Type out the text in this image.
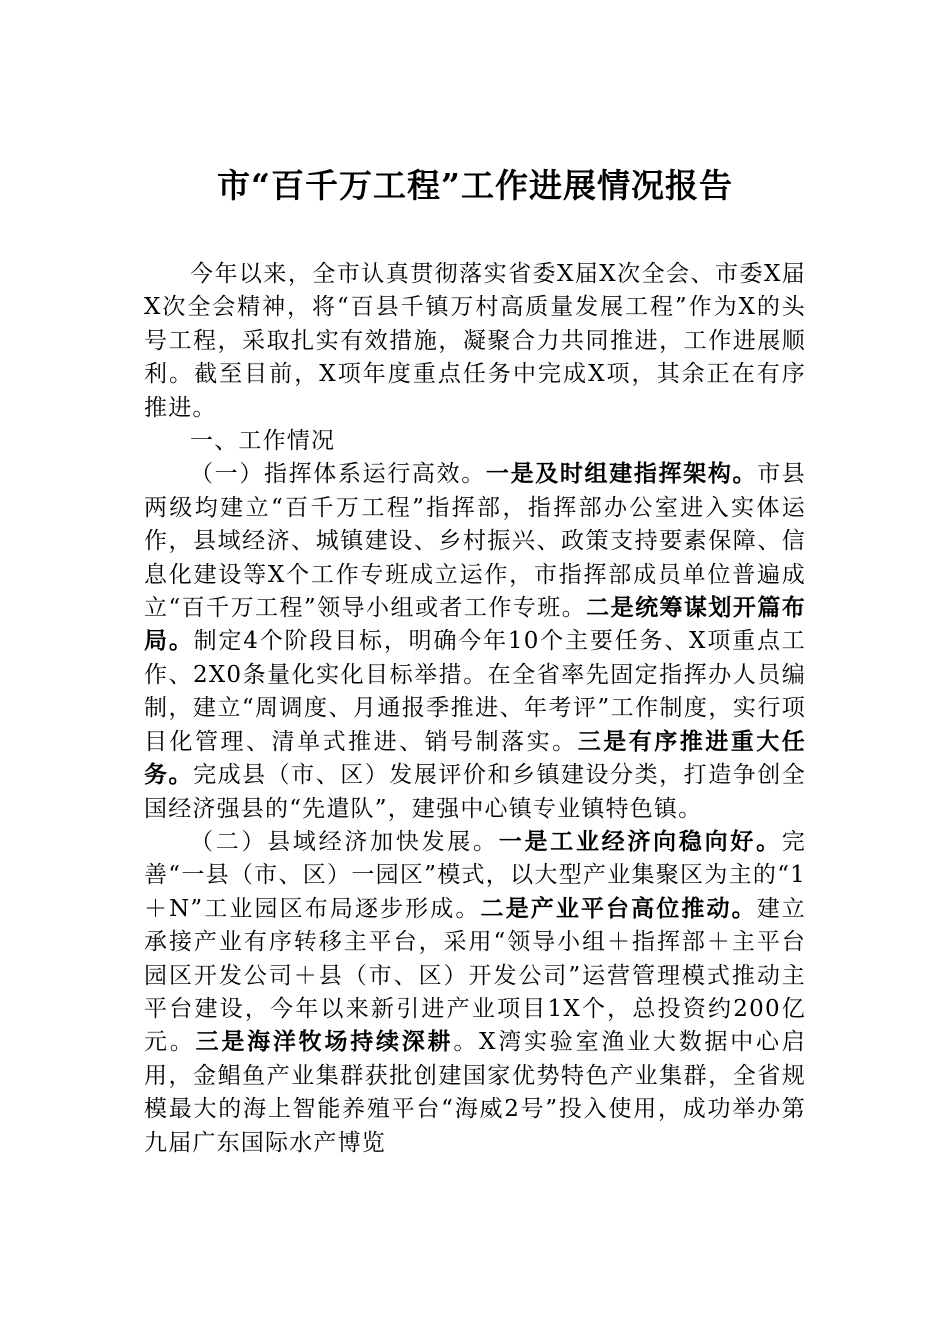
市“百千万工程”工作进展情况报告

今年以来，全市认真贯彻落实省委X届X次全会、市委X届X次全会精神，将“百县千镇万村高质量发展工程”作为X的头号工程，采取扎实有效措施，凝聚合力共同推进，工作进展顺利。截至目前，X项年度重点任务中完成X项，其余正在有序推进。

一、工作情况

（一）指挥体系运行高效。一是及时组建指挥架构。市县两级均建立“百千万工程”指挥部，指挥部办公室进入实体运作，县域经济、城镇建设、乡村振兴、政策支持要素保障、信息化建设等X个工作专班成立运作，市指挥部成员单位普遍成立“百千万工程”领导小组或者工作专班。二是统筹谋划开篇布局。制定4个阶段目标，明确今年10个主要任务、X项重点工作、2X0条量化实化目标举措。在全省率先固定指挥办人员编制，建立“周调度、月通报季推进、年考评”工作制度，实行项目化管理、清单式推进、销号制落实。三是有序推进重大任务。完成县（市、区）发展评价和乡镇建设分类，打造争创全国经济强县的“先遣队”，建强中心镇专业镇特色镇。

（二）县域经济加快发展。一是工业经济向稳向好。完善“一县（市、区）一园区”模式，以大型产业集聚区为主的“1＋N”工业园区布局逐步形成。二是产业平台高位推动。建立承接产业有序转移主平台，采用“领导小组＋指挥部＋主平台园区开发公司＋县（市、区）开发公司”运营管理模式推动主平台建设，今年以来新引进产业项目1X个，总投资约200亿元。三是海洋牧场持续深耕。X湾实验室渔业大数据中心启用，金鲳鱼产业集群获批创建国家优势特色产业集群，全省规模最大的海上智能养殖平台“海威2号”投入使用，成功举办第九届广东国际水产博览
